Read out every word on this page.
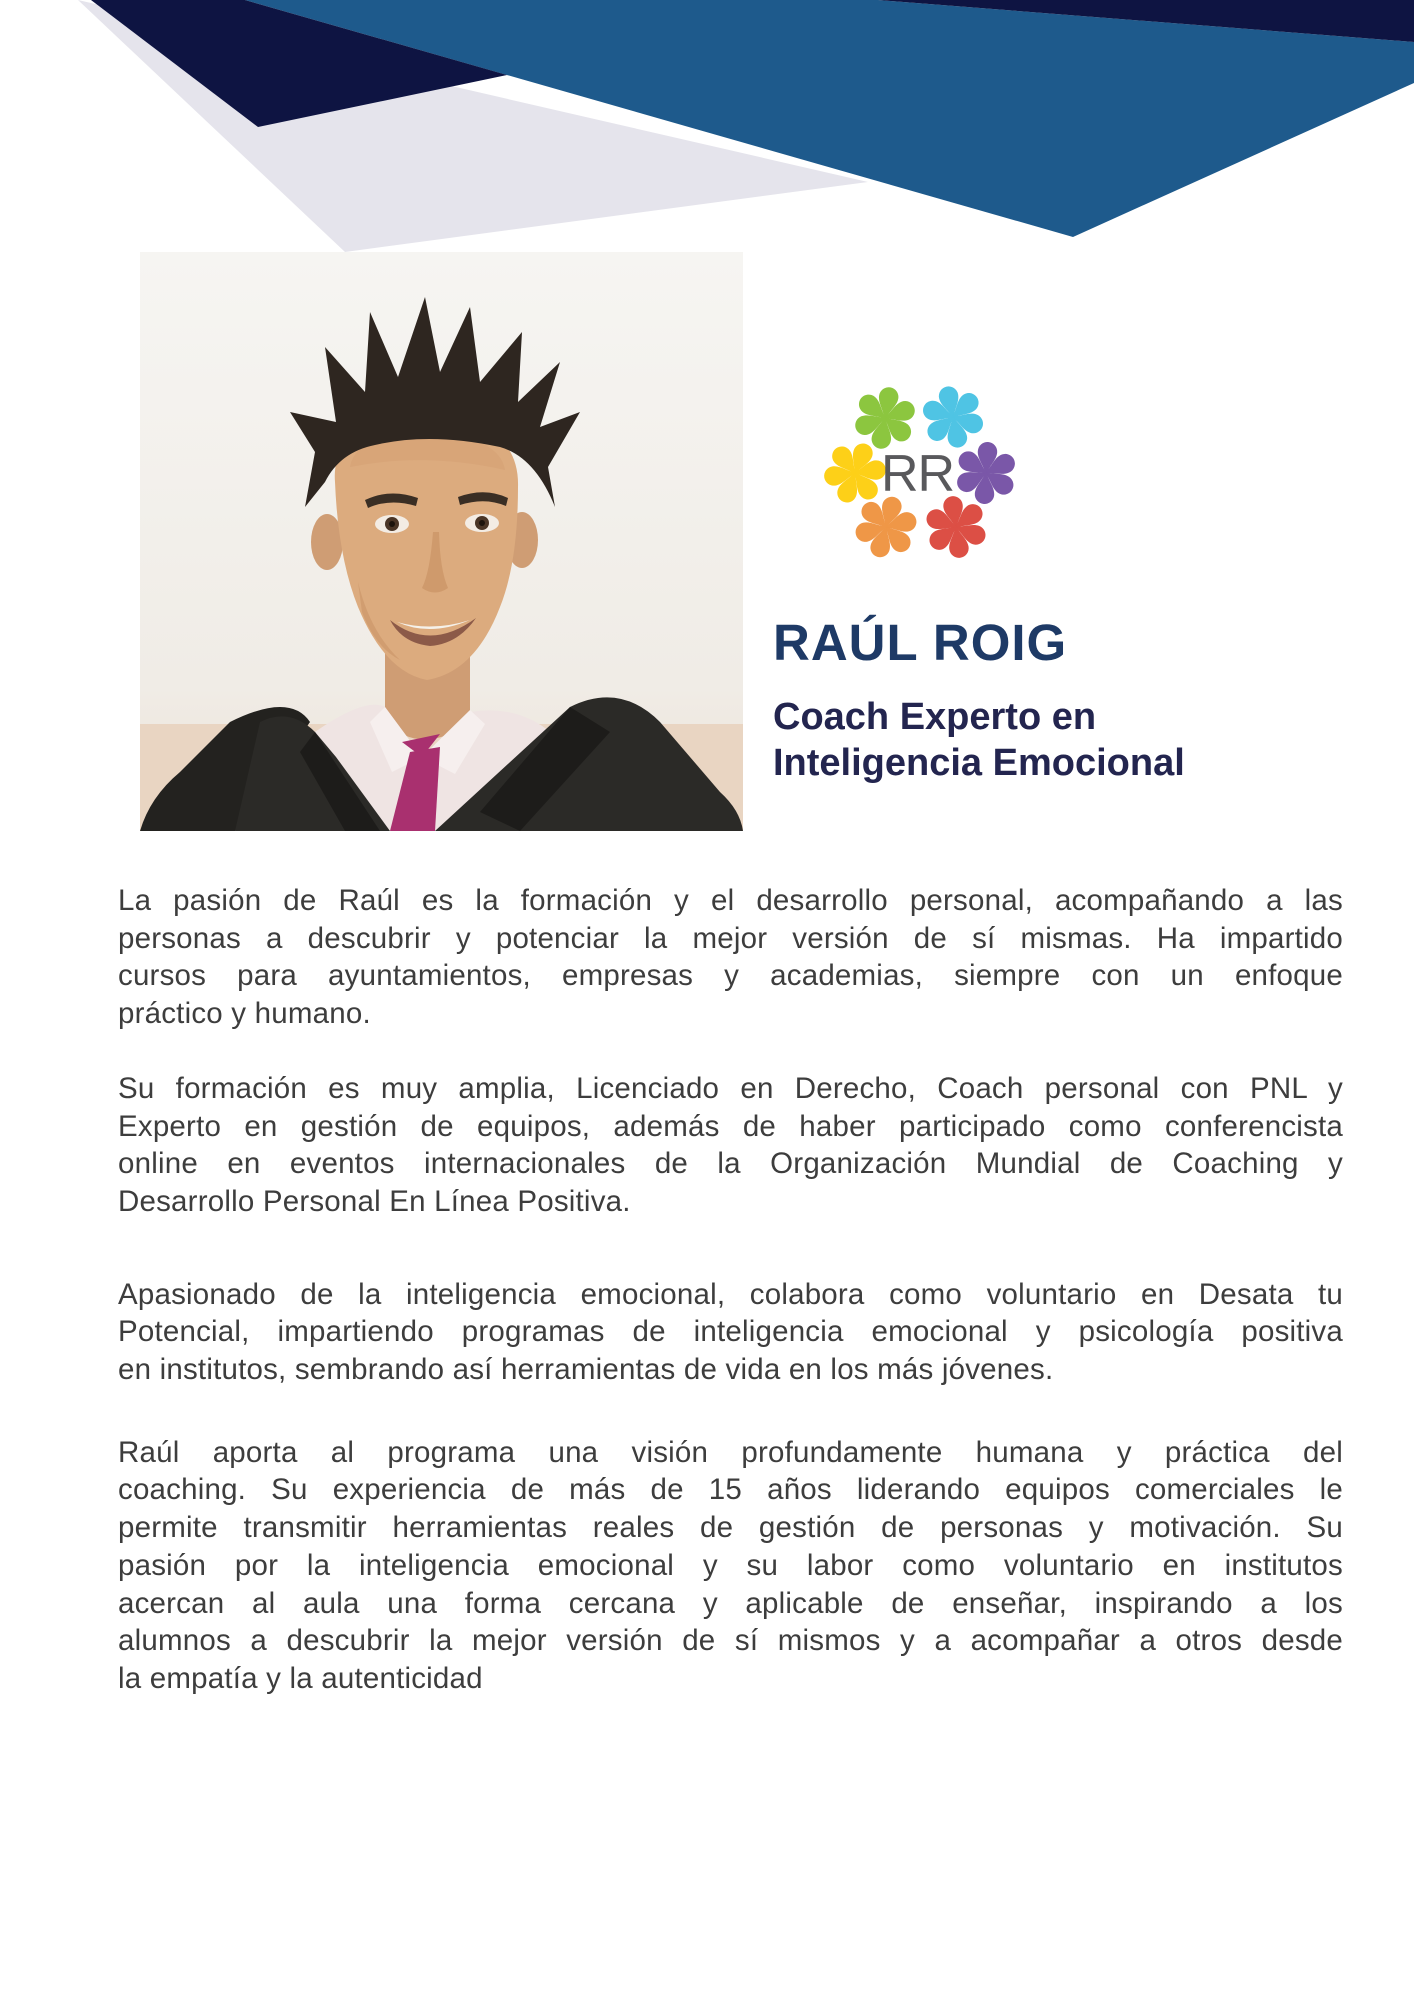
RR
RAÚL ROIG
Coach Experto en
Inteligencia Emocional
La pasión de Raúl es la formación y el desarrollo personal, acompañando a las
personas a descubrir y potenciar la mejor versión de sí mismas. Ha impartido
cursos para ayuntamientos, empresas y academias, siempre con un enfoque
práctico y humano.
Su formación es muy amplia, Licenciado en Derecho, Coach personal con PNL y
Experto en gestión de equipos, además de haber participado como conferencista
online en eventos internacionales de la Organización Mundial de Coaching y
Desarrollo Personal En Línea Positiva.
Apasionado de la inteligencia emocional, colabora como voluntario en Desata tu
Potencial, impartiendo programas de inteligencia emocional y psicología positiva
en institutos, sembrando así herramientas de vida en los más jóvenes.
Raúl aporta al programa una visión profundamente humana y práctica del
coaching. Su experiencia de más de 15 años liderando equipos comerciales le
permite transmitir herramientas reales de gestión de personas y motivación. Su
pasión por la inteligencia emocional y su labor como voluntario en institutos
acercan al aula una forma cercana y aplicable de enseñar, inspirando a los
alumnos a descubrir la mejor versión de sí mismos y a acompañar a otros desde
la empatía y la autenticidad
